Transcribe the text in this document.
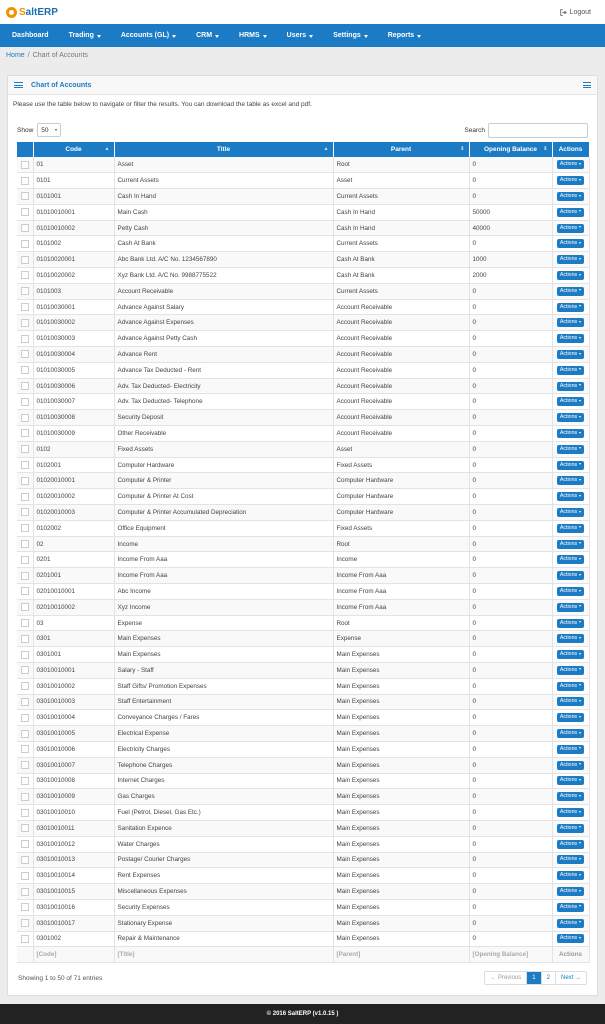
SaltERP	Logout
Dashboard	Trading	Accounts (GL)	CRM	HRMS	Users	Settings	Reports
Home / Chart of Accounts
Chart of Accounts
Please use the table below to navigate or filter the results. You can download the table as excel and pdf.
Show 50	Search
	Code ▲	Title ▲	Parent ⇕	Opening Balance ⇕	Actions
	01	Asset	Root	0	Actions
	0101	Current Assets	Asset	0	Actions
	0101001	Cash In Hand	Current Assets	0	Actions
	01010010001	Main Cash	Cash In Hand	50000	Actions
	01010010002	Petty Cash	Cash In Hand	40000	Actions
	0101002	Cash At Bank	Current Assets	0	Actions
	01010020001	Abc Bank Ltd. A/C No. 1234567890	Cash At Bank	1000	Actions
	01010020002	Xyz Bank Ltd. A/C No. 9988775522	Cash At Bank	2000	Actions
	0101003	Account Receivable	Current Assets	0	Actions
	01010030001	Advance Against Salary	Account Receivable	0	Actions
	01010030002	Advance Against Expenses	Account Receivable	0	Actions
	01010030003	Advance Against Petty Cash	Account Receivable	0	Actions
	01010030004	Advance Rent	Account Receivable	0	Actions
	01010030005	Advance Tax Deducted - Rent	Account Receivable	0	Actions
	01010030006	Adv. Tax Deducted- Electricity	Account Receivable	0	Actions
	01010030007	Adv. Tax Deducted- Telephone	Account Receivable	0	Actions
	01010030008	Security Deposit	Account Receivable	0	Actions
	01010030009	Other Receivable	Account Receivable	0	Actions
	0102	Fixed Assets	Asset	0	Actions
	0102001	Computer Hardware	Fixed Assets	0	Actions
	01020010001	Computer & Printer	Computer Hardware	0	Actions
	01020010002	Computer & Printer At Cost	Computer Hardware	0	Actions
	01020010003	Computer & Printer Accumulated Depreciation	Computer Hardware	0	Actions
	0102002	Office Equipment	Fixed Assets	0	Actions
	02	Income	Root	0	Actions
	0201	Income From Aaa	Income	0	Actions
	0201001	Income From Aaa	Income From Aaa	0	Actions
	02010010001	Abc Income	Income From Aaa	0	Actions
	02010010002	Xyz Income	Income From Aaa	0	Actions
	03	Expense	Root	0	Actions
	0301	Main Expenses	Expense	0	Actions
	0301001	Main Expenses	Main Expenses	0	Actions
	03010010001	Salary - Staff	Main Expenses	0	Actions
	03010010002	Staff Gifts/ Promotion Expenses	Main Expenses	0	Actions
	03010010003	Staff Entertainment	Main Expenses	0	Actions
	03010010004	Conveyance Charges / Fares	Main Expenses	0	Actions
	03010010005	Electrical Expense	Main Expenses	0	Actions
	03010010006	Electricity Charges	Main Expenses	0	Actions
	03010010007	Telephone Charges	Main Expenses	0	Actions
	03010010008	Internet Charges	Main Expenses	0	Actions
	03010010009	Gas Charges	Main Expenses	0	Actions
	03010010010	Fuel (Petrol, Diesel, Gas Etc.)	Main Expenses	0	Actions
	03010010011	Sanitation Expence	Main Expenses	0	Actions
	03010010012	Water Charges	Main Expenses	0	Actions
	03010010013	Postage/ Courier Charges	Main Expenses	0	Actions
	03010010014	Rent Expenses	Main Expenses	0	Actions
	03010010015	Miscellaneous Expenses	Main Expenses	0	Actions
	03010010016	Security Expenses	Main Expenses	0	Actions
	03010010017	Stationary Expense	Main Expenses	0	Actions
	0301002	Repair & Maintenance	Main Expenses	0	Actions
	[Code]	[Title]	[Parent]	[Opening Balance]	Actions
Showing 1 to 50 of 71 entries	← Previous	1	2	Next →
© 2016 SaltERP (v1.0.15 )
